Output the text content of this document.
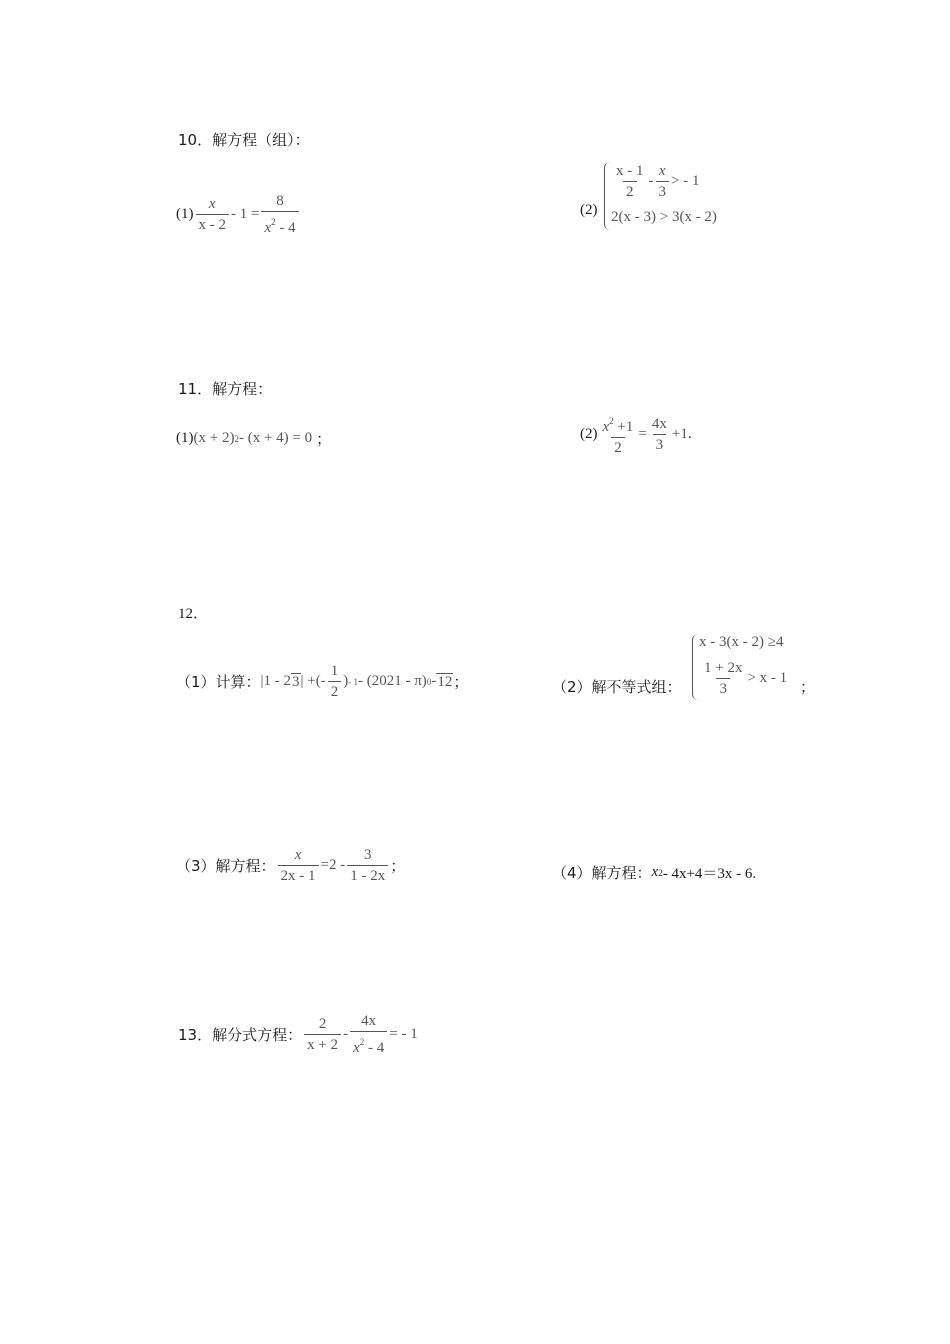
10．解方程（组）：
$(1) \frac{x}{x - 2} - 1 = \frac{8}{x^2 - 4}$	(2)
$\frac{x - 1}{2} - \frac{x}{3}$ > - 1
2(x - 3) > 3(x - 2)
11．解方程：
(1) (x + 2) 2 - (x + 4) = 0 ；	$(2) \frac{x^2 +1}{2} = \frac{4x}{3} +1$ .
12．
（1）计算： |1 - 2 3 | +(- $\frac{1}{2}$ ) - 1 - (2021 - π) 0 - 12 ；	（2）解不等式组：
x - 3(x - 2) ≥4
$\frac{1 + 2x}{3} > x - 1$ ；
（3）解方程： $\frac{x}{2x - 1} =2 - \frac{3}{1 - 2x}$ ；	（4）解方程： x 2 - 4x+4＝3x - 6.
13．解分式方程： $\frac{2}{x + 2} - \frac{4x}{x^2 - 4}$ = - 1
